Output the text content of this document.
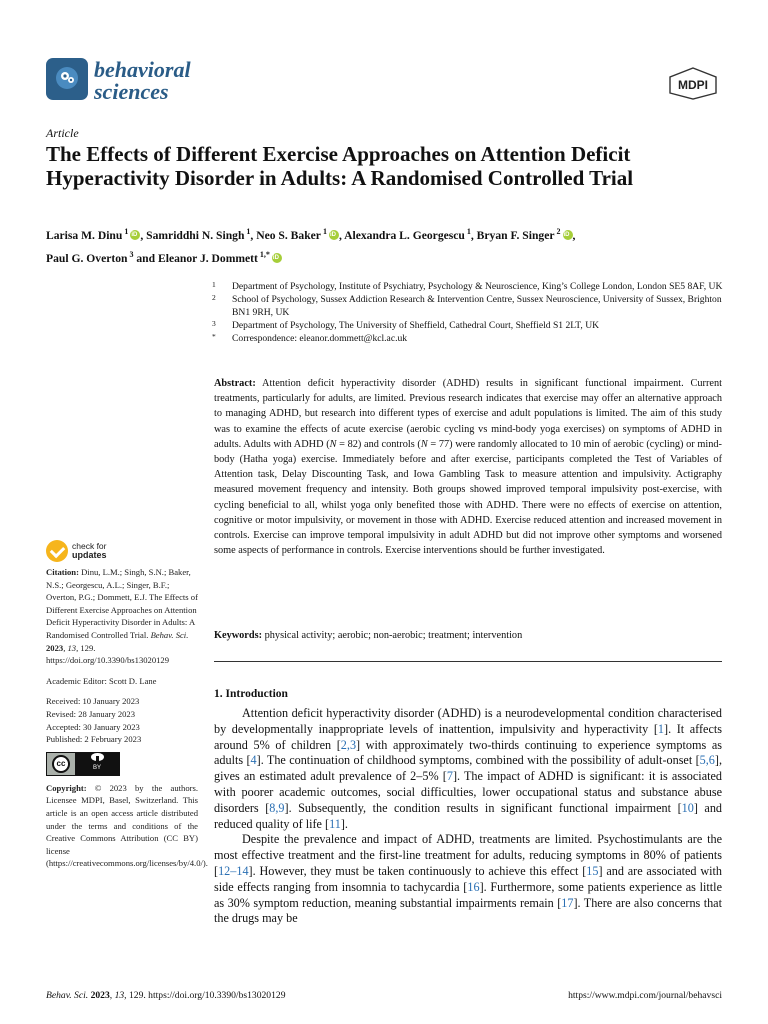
behavioral
sciences	MDPI
Article
The Effects of Different Exercise Approaches on Attention Deficit Hyperactivity Disorder in Adults: A Randomised Controlled Trial
Larisa M. Dinu $^1$ iD , Samriddhi N. Singh $^1$, Neo S. Baker $^1$ iD , Alexandra L. Georgescu $^1$, Bryan F. Singer $^2$ iD ,
Paul G. Overton $^3$ and Eleanor J. Dommett $^{1,*}$iD
1 Department of Psychology, Institute of Psychiatry, Psychology & Neuroscience, King’s College London, London SE5 8AF, UK
2 School of Psychology, Sussex Addiction Research & Intervention Centre, Sussex Neuroscience, University of Sussex, Brighton BN1 9RH, UK
3 Department of Psychology, The University of Sheffield, Cathedral Court, Sheffield S1 2LT, UK
* Correspondence: eleanor.dommett@kcl.ac.uk
Abstract: Attention deficit hyperactivity disorder (ADHD) results in significant functional impairment. Current treatments, particularly for adults, are limited. Previous research indicates that exercise may offer an alternative approach to managing ADHD, but research into different types of exercise and adult populations is limited. The aim of this study was to examine the effects of acute exercise (aerobic cycling vs mind-body yoga exercises) on symptoms of ADHD in adults. Adults with ADHD (N = 82) and controls (N = 77) were randomly allocated to 10 min of aerobic (cycling) or mind-body (Hatha yoga) exercise. Immediately before and after exercise, participants completed the Test of Variables of Attention task, Delay Discounting Task, and Iowa Gambling Task to measure attention and impulsivity. Actigraphy measured movement frequency and intensity. Both groups showed improved temporal impulsivity post-exercise, with cycling beneficial to all, whilst yoga only benefited those with ADHD. There were no effects of exercise on attention, cognitive or motor impulsivity, or movement in those with ADHD. Exercise reduced attention and increased movement in controls. Exercise can improve temporal impulsivity in adult ADHD but did not improve other symptoms and worsened some aspects of performance in controls. Exercise interventions should be further investigated.
Keywords: physical activity; aerobic; non-aerobic; treatment; intervention
check for
updates

Citation: Dinu, L.M.; Singh, S.N.; Baker, N.S.; Georgescu, A.L.; Singer, B.F.; Overton, P.G.; Dommett, E.J. The Effects of Different Exercise Approaches on Attention Deficit Hyperactivity Disorder in Adults: A Randomised Controlled Trial. Behav. Sci. 2023, 13, 129. https://doi.org/10.3390/bs13020129

Academic Editor: Scott D. Lane

Received: 10 January 2023

Revised: 28 January 2023

Accepted: 30 January 2023

Published: 2 February 2023

cc
BY

Copyright: © 2023 by the authors. Licensee MDPI, Basel, Switzerland. This article is an open access article distributed under the terms and conditions of the Creative Commons Attribution (CC BY) license (https://creativecommons.org/licenses/by/4.0/).

1. Introduction

Attention deficit hyperactivity disorder (ADHD) is a neurodevelopmental condition characterised by developmentally inappropriate levels of inattention, impulsivity and hyperactivity [1]. It affects around 5% of children [2,3] with approximately two-thirds continuing to experience symptoms as adults [4]. The continuation of childhood symptoms, combined with the possibility of adult-onset [5,6], gives an estimated adult prevalence of 2–5% [7]. The impact of ADHD is significant: it is associated with poorer academic outcomes, social difficulties, lower occupational status and substance abuse disorders [8,9]. Subsequently, the condition results in significant functional impairment [10] and reduced quality of life [11].

Despite the prevalence and impact of ADHD, treatments are limited. Psychostimulants are the most effective treatment and the first-line treatment for adults, reducing symptoms in 80% of patients [12–14]. However, they must be taken continuously to achieve this effect [15] and are associated with side effects ranging from insomnia to tachycardia [16]. Furthermore, some patients experience as little as 30% symptom reduction, meaning substantial impairments remain [17]. There are also concerns that the drugs may be

Behav. Sci. 2023, 13, 129. https://doi.org/10.3390/bs13020129	https://www.mdpi.com/journal/behavsci
